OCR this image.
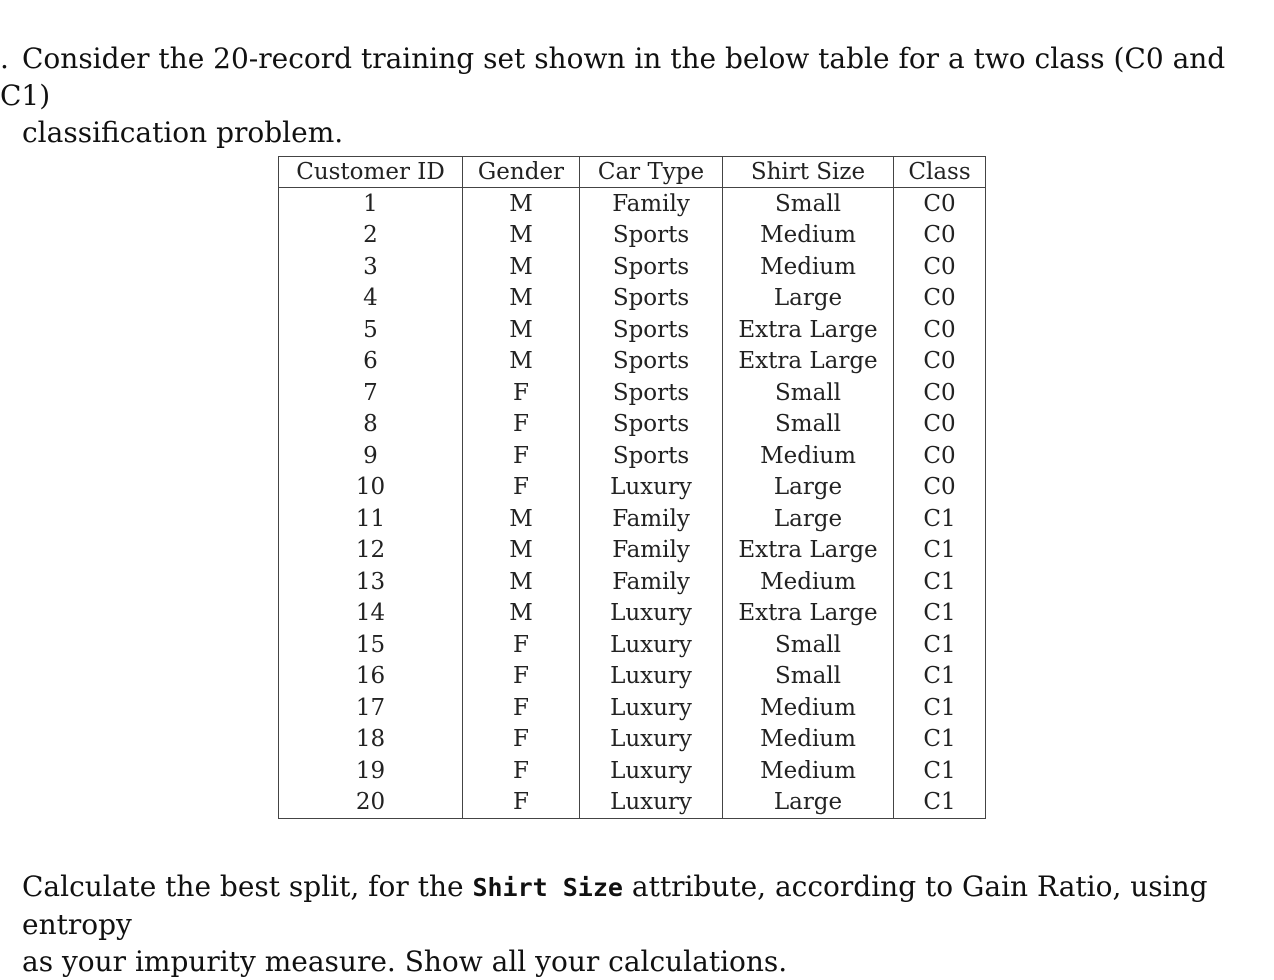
. Consider the 20-record training set shown in the below table for a two class (C0 and C1)
classification problem.
Customer ID	Gender	Car Type	Shirt Size	Class
1	M	Family	Small	C0
2	M	Sports	Medium	C0
3	M	Sports	Medium	C0
4	M	Sports	Large	C0
5	M	Sports	Extra Large	C0
6	M	Sports	Extra Large	C0
7	F	Sports	Small	C0
8	F	Sports	Small	C0
9	F	Sports	Medium	C0
10	F	Luxury	Large	C0
11	M	Family	Large	C1
12	M	Family	Extra Large	C1
13	M	Family	Medium	C1
14	M	Luxury	Extra Large	C1
15	F	Luxury	Small	C1
16	F	Luxury	Small	C1
17	F	Luxury	Medium	C1
18	F	Luxury	Medium	C1
19	F	Luxury	Medium	C1
20	F	Luxury	Large	C1
Calculate the best split, for the Shirt Size attribute, according to Gain Ratio, using entropy
as your impurity measure. Show all your calculations.
